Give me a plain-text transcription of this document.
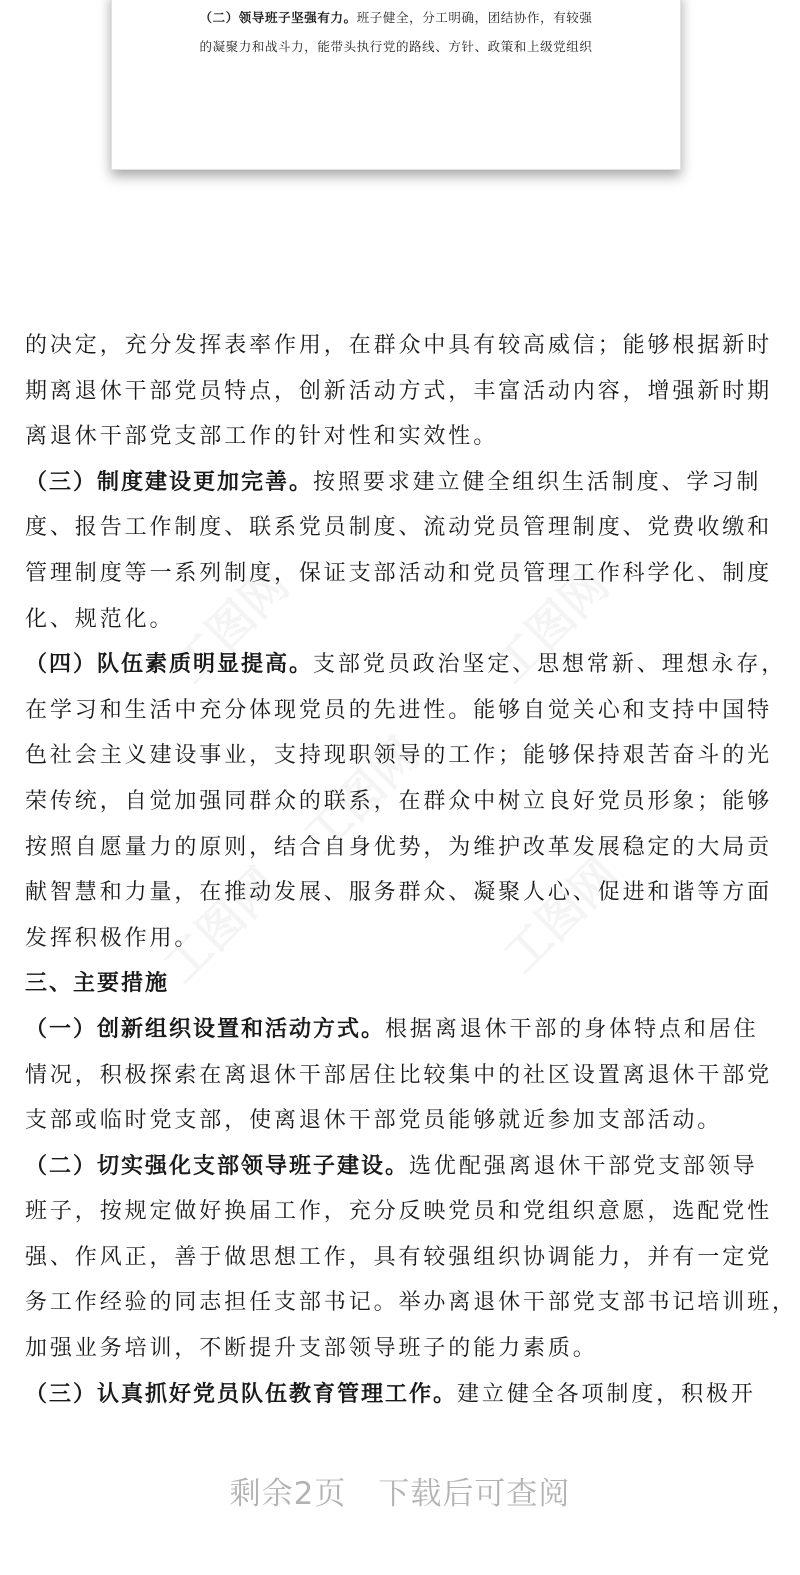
（二）领导班子坚强有力。班子健全，分工明确，团结协作，有较强
的凝聚力和战斗力，能带头执行党的路线、方针、政策和上级党组织
的决定，充分发挥表率作用，在群众中具有较高威信；能够根据新时
期离退休干部党员特点，创新活动方式，丰富活动内容，增强新时期
离退休干部党支部工作的针对性和实效性。
（三）制度建设更加完善。按照要求建立健全组织生活制度、学习制
度、报告工作制度、联系党员制度、流动党员管理制度、党费收缴和
管理制度等一系列制度，保证支部活动和党员管理工作科学化、制度
化、规范化。
（四）队伍素质明显提高。支部党员政治坚定、思想常新、理想永存，
在学习和生活中充分体现党员的先进性。能够自觉关心和支持中国特
色社会主义建设事业，支持现职领导的工作；能够保持艰苦奋斗的光
荣传统，自觉加强同群众的联系，在群众中树立良好党员形象；能够
按照自愿量力的原则，结合自身优势，为维护改革发展稳定的大局贡
献智慧和力量，在推动发展、服务群众、凝聚人心、促进和谐等方面
发挥积极作用。
三、主要措施
（一）创新组织设置和活动方式。根据离退休干部的身体特点和居住
情况，积极探索在离退休干部居住比较集中的社区设置离退休干部党
支部或临时党支部，使离退休干部党员能够就近参加支部活动。
（二）切实强化支部领导班子建设。选优配强离退休干部党支部领导
班子，按规定做好换届工作，充分反映党员和党组织意愿，选配党性
强、作风正，善于做思想工作，具有较强组织协调能力，并有一定党
务工作经验的同志担任支部书记。举办离退休干部党支部书记培训班，
加强业务培训，不断提升支部领导班子的能力素质。
（三）认真抓好党员队伍教育管理工作。建立健全各项制度，积极开
剩余2页 下载后可查阅
